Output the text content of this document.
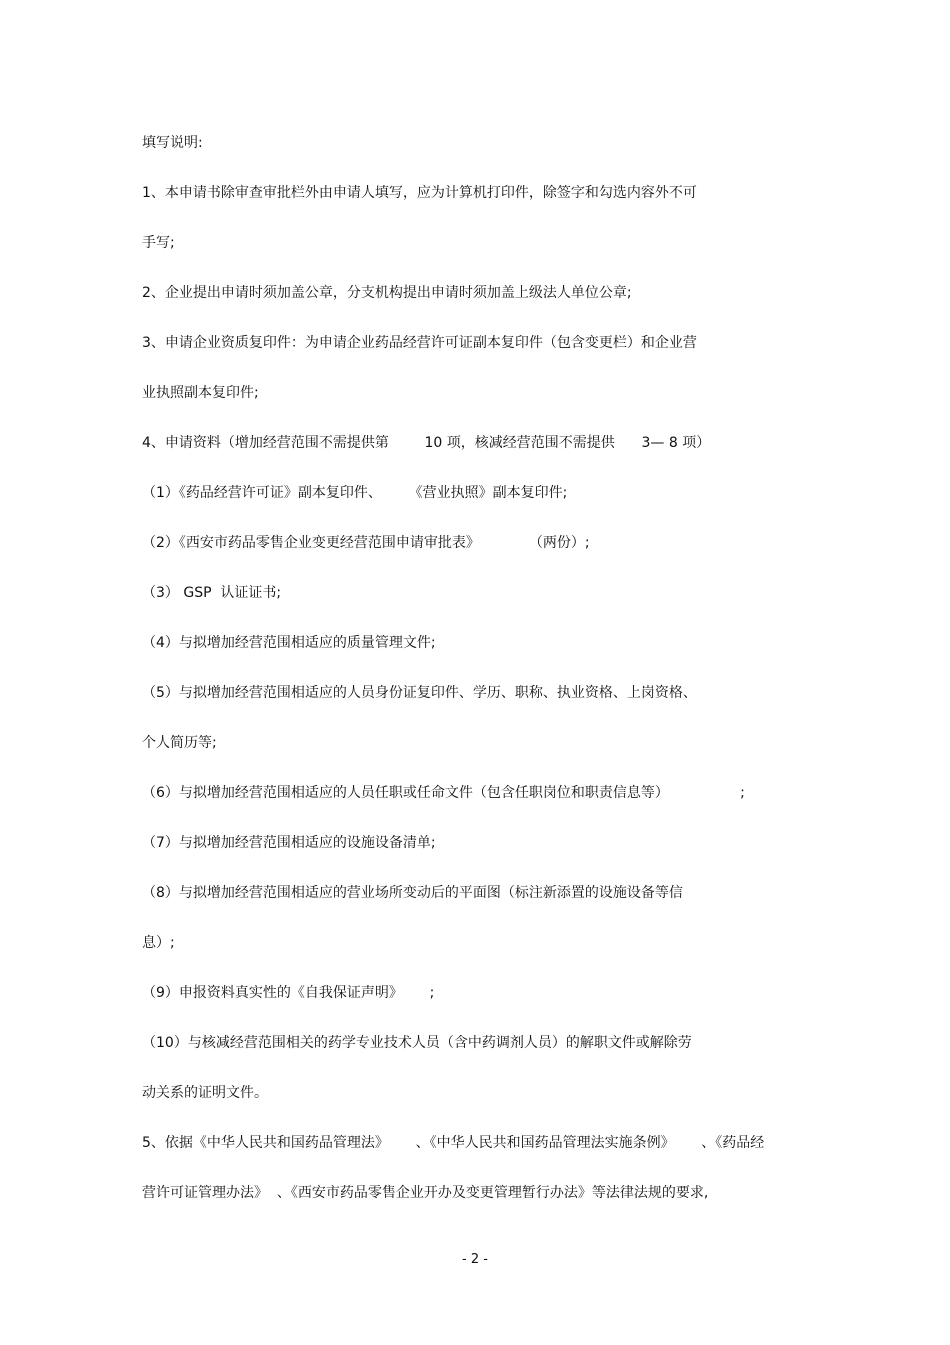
填写说明:
1、本申请书除审查审批栏外由申请人填写，应为计算机打印件，除签字和勾选内容外不可
手写;
2、企业提出申请时须加盖公章，分支机构提出申请时须加盖上级法人单位公章;
3、申请企业资质复印件：为申请企业药品经营许可证副本复印件（包含变更栏）和企业营
业执照副本复印件;
4、申请资料（增加经营范围不需提供第        10 项，核减经营范围不需提供      3— 8 项）
（1）《药品经营许可证》副本复印件、      《营业执照》副本复印件;
（2）《西安市药品零售企业变更经营范围申请审批表》           （两份）;
（3） GSP  认证证书;
（4）与拟增加经营范围相适应的质量管理文件;
（5）与拟增加经营范围相适应的人员身份证复印件、学历、职称、执业资格、上岗资格、
个人简历等;
（6）与拟增加经营范围相适应的人员任职或任命文件（包含任职岗位和职责信息等）                ;
（7）与拟增加经营范围相适应的设施设备清单;
（8）与拟增加经营范围相适应的营业场所变动后的平面图（标注新添置的设施设备等信
息）;
（9）申报资料真实性的《自我保证声明》      ;
（10）与核减经营范围相关的药学专业技术人员（含中药调剂人员）的解职文件或解除劳
动关系的证明文件。
5、依据《中华人民共和国药品管理法》      、《中华人民共和国药品管理法实施条例》      、《药品经
营许可证管理办法》  、《西安市药品零售企业开办及变更管理暂行办法》等法律法规的要求,
- 2 -
